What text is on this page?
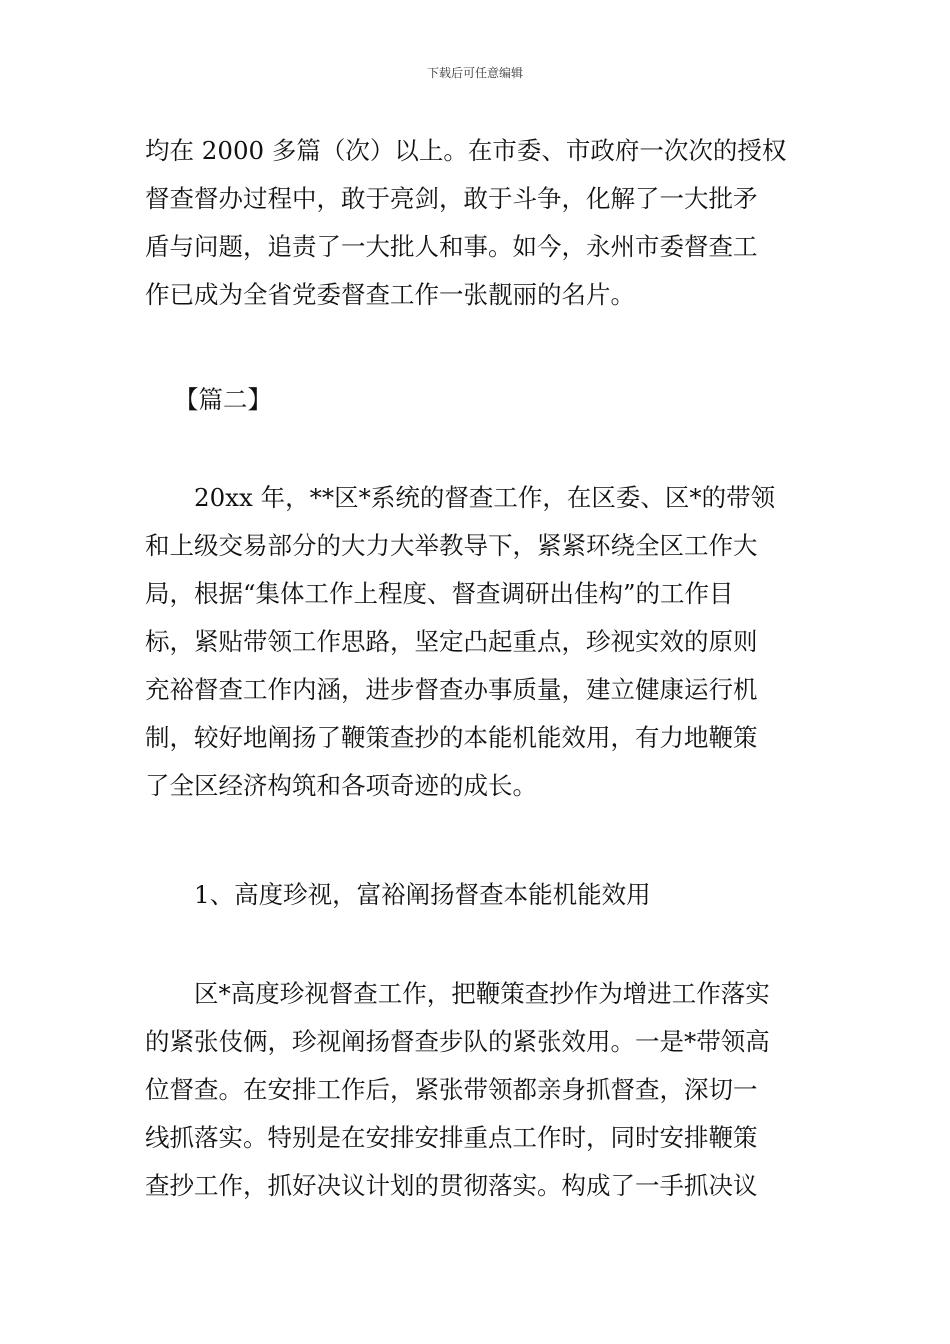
下载后可任意编辑
均在 2000 多篇（次）以上。在市委、市政府一次次的授权
督查督办过程中，敢于亮剑，敢于斗争，化解了一大批矛
盾与问题，追责了一大批人和事。如今，永州市委督查工
作已成为全省党委督查工作一张靓丽的名片。
【篇二】
20xx 年，**区*系统的督查工作，在区委、区*的带领
和上级交易部分的大力大举教导下，紧紧环绕全区工作大
局，根据“集体工作上程度、督查调研出佳构”的工作目
标，紧贴带领工作思路，坚定凸起重点，珍视实效的原则
充裕督查工作内涵，进步督查办事质量，建立健康运行机
制，较好地阐扬了鞭策查抄的本能机能效用，有力地鞭策
了全区经济构筑和各项奇迹的成长。
1、高度珍视，富裕阐扬督查本能机能效用
区*高度珍视督查工作，把鞭策查抄作为增进工作落实
的紧张伎俩，珍视阐扬督查步队的紧张效用。一是*带领高
位督查。在安排工作后，紧张带领都亲身抓督查，深切一
线抓落实。特别是在安排安排重点工作时，同时安排鞭策
查抄工作，抓好决议计划的贯彻落实。构成了一手抓决议
